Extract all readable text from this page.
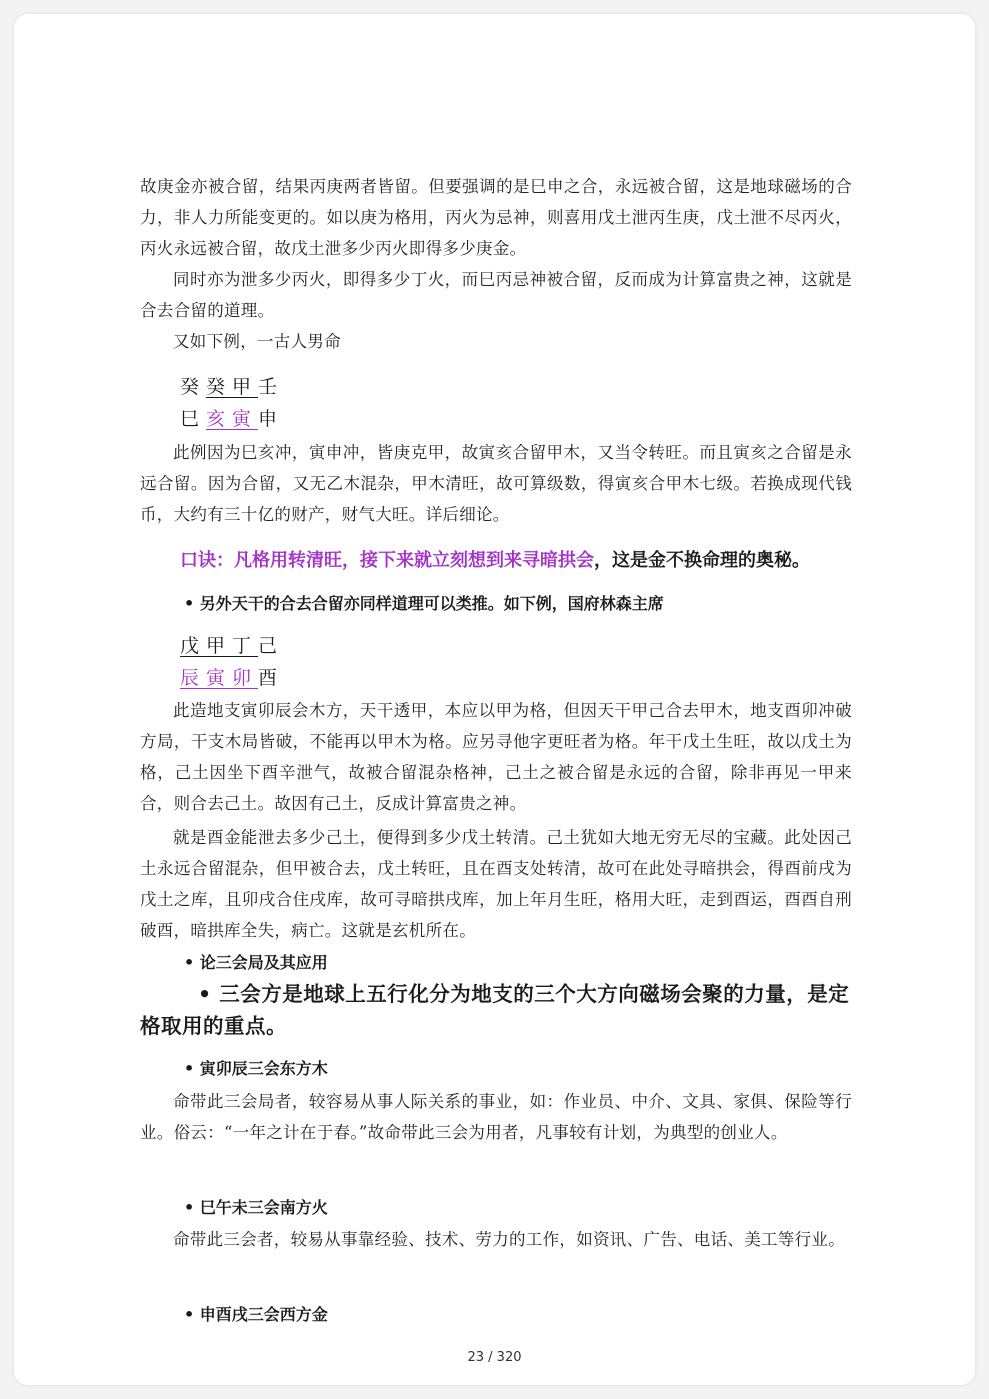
故庚金亦被合留，结果丙庚两者皆留。但要强调的是巳申之合，永远被合留，这是地球磁场的合力，非人力所能变更的。如以庚为格用，丙火为忌神，则喜用戊土泄丙生庚，戊土泄不尽丙火，丙火永远被合留，故戊土泄多少丙火即得多少庚金。
同时亦为泄多少丙火，即得多少丁火，而巳丙忌神被合留，反而成为计算富贵之神，这就是合去合留的道理。
又如下例，一古人男命
癸癸甲壬
巳亥寅申
此例因为巳亥冲，寅申冲，皆庚克甲，故寅亥合留甲木，又当令转旺。而且寅亥之合留是永远合留。因为合留，又无乙木混杂，甲木清旺，故可算级数，得寅亥合甲木七级。若换成现代钱币，大约有三十亿的财产，财气大旺。详后细论。
口诀：凡格用转清旺，接下来就立刻想到来寻暗拱会，这是金不换命理的奥秘。
• 另外天干的合去合留亦同样道理可以类推。如下例，国府林森主席
戊甲丁己
辰寅卯酉
此造地支寅卯辰会木方，天干透甲，本应以甲为格，但因天干甲己合去甲木，地支酉卯冲破方局，干支木局皆破，不能再以甲木为格。应另寻他字更旺者为格。年干戊土生旺，故以戊土为格，己土因坐下酉辛泄气，故被合留混杂格神，己土之被合留是永远的合留，除非再见一甲来合，则合去己土。故因有己土，反成计算富贵之神。
就是酉金能泄去多少己土，便得到多少戊土转清。己土犹如大地无穷无尽的宝藏。此处因己土永远合留混杂，但甲被合去，戊土转旺，且在酉支处转清，故可在此处寻暗拱会，得酉前戌为戊土之库，且卯戌合住戌库，故可寻暗拱戌库，加上年月生旺，格用大旺，走到酉运，酉酉自刑破酉，暗拱库全失，病亡。这就是玄机所在。
• 论三会局及其应用
• 三会方是地球上五行化分为地支的三个大方向磁场会聚的力量，是定格取用的重点。
• 寅卯辰三会东方木
命带此三会局者，较容易从事人际关系的事业，如：作业员、中介、文具、家俱、保险等行业。俗云：“一年之计在于春。”故命带此三会为用者，凡事较有计划，为典型的创业人。
• 巳午未三会南方火
命带此三会者，较易从事靠经验、技术、劳力的工作，如资讯、广告、电话、美工等行业。
• 申酉戌三会西方金
23 / 320
